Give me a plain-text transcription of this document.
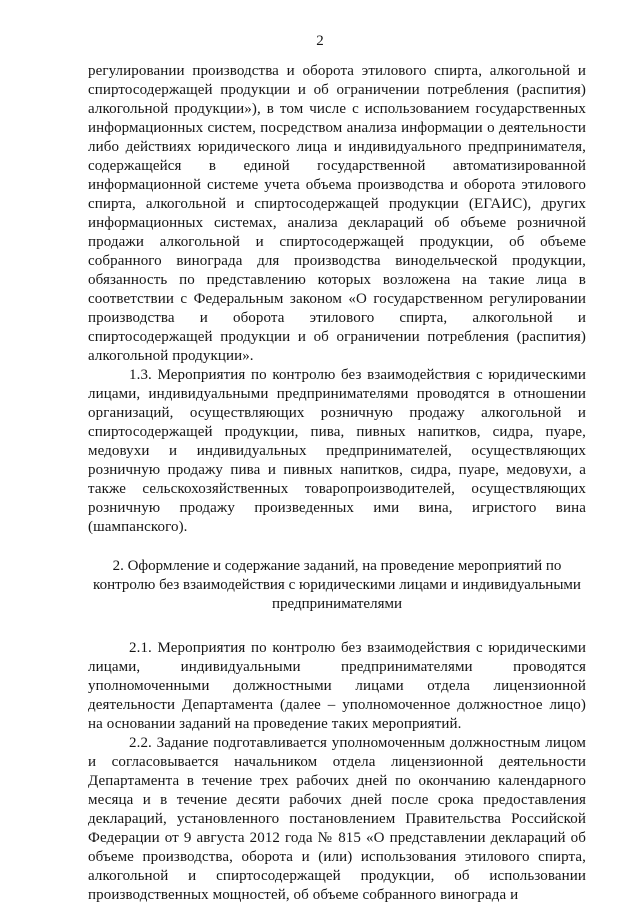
2

регулировании производства и оборота этилового спирта, алкогольной и спиртосодержащей продукции и об ограничении потребления (распития) алкогольной продукции»), в том числе с использованием государственных информационных систем, посредством анализа информации о деятельности либо действиях юридического лица и индивидуального предпринимателя, содержащейся в единой государственной автоматизированной информационной системе учета объема производства и оборота этилового спирта, алкогольной и спиртосодержащей продукции (ЕГАИС), других информационных системах, анализа деклараций об объеме розничной продажи алкогольной и спиртосодержащей продукции, об объеме собранного винограда для производства винодельческой продукции, обязанность по представлению которых возложена на такие лица в соответствии с Федеральным законом «О государственном регулировании производства и оборота этилового спирта, алкогольной и спиртосодержащей продукции и об ограничении потребления (распития) алкогольной продукции».

1.3. Мероприятия по контролю без взаимодействия с юридическими лицами, индивидуальными предпринимателями проводятся в отношении организаций, осуществляющих розничную продажу алкогольной и спиртосодержащей продукции, пива, пивных напитков, сидра, пуаре, медовухи и индивидуальных предпринимателей, осуществляющих розничную продажу пива и пивных напитков, сидра, пуаре, медовухи, а также сельскохозяйственных товаропроизводителей, осуществляющих розничную продажу произведенных ими вина, игристого вина (шампанского).

2. Оформление и содержание заданий, на проведение мероприятий по контролю без взаимодействия с юридическими лицами и индивидуальными предпринимателями

2.1. Мероприятия по контролю без взаимодействия с юридическими лицами, индивидуальными предпринимателями проводятся уполномоченными должностными лицами отдела лицензионной деятельности Департамента (далее – уполномоченное должностное лицо) на основании заданий на проведение таких мероприятий.

2.2. Задание подготавливается уполномоченным должностным лицом и согласовывается начальником отдела лицензионной деятельности Департамента в течение трех рабочих дней по окончанию календарного месяца и в течение десяти рабочих дней после срока предоставления деклараций, установленного постановлением Правительства Российской Федерации от 9 августа 2012 года № 815 «О представлении деклараций об объеме производства, оборота и (или) использования этилового спирта, алкогольной и спиртосодержащей продукции, об использовании производственных мощностей, об объеме собранного винограда и
